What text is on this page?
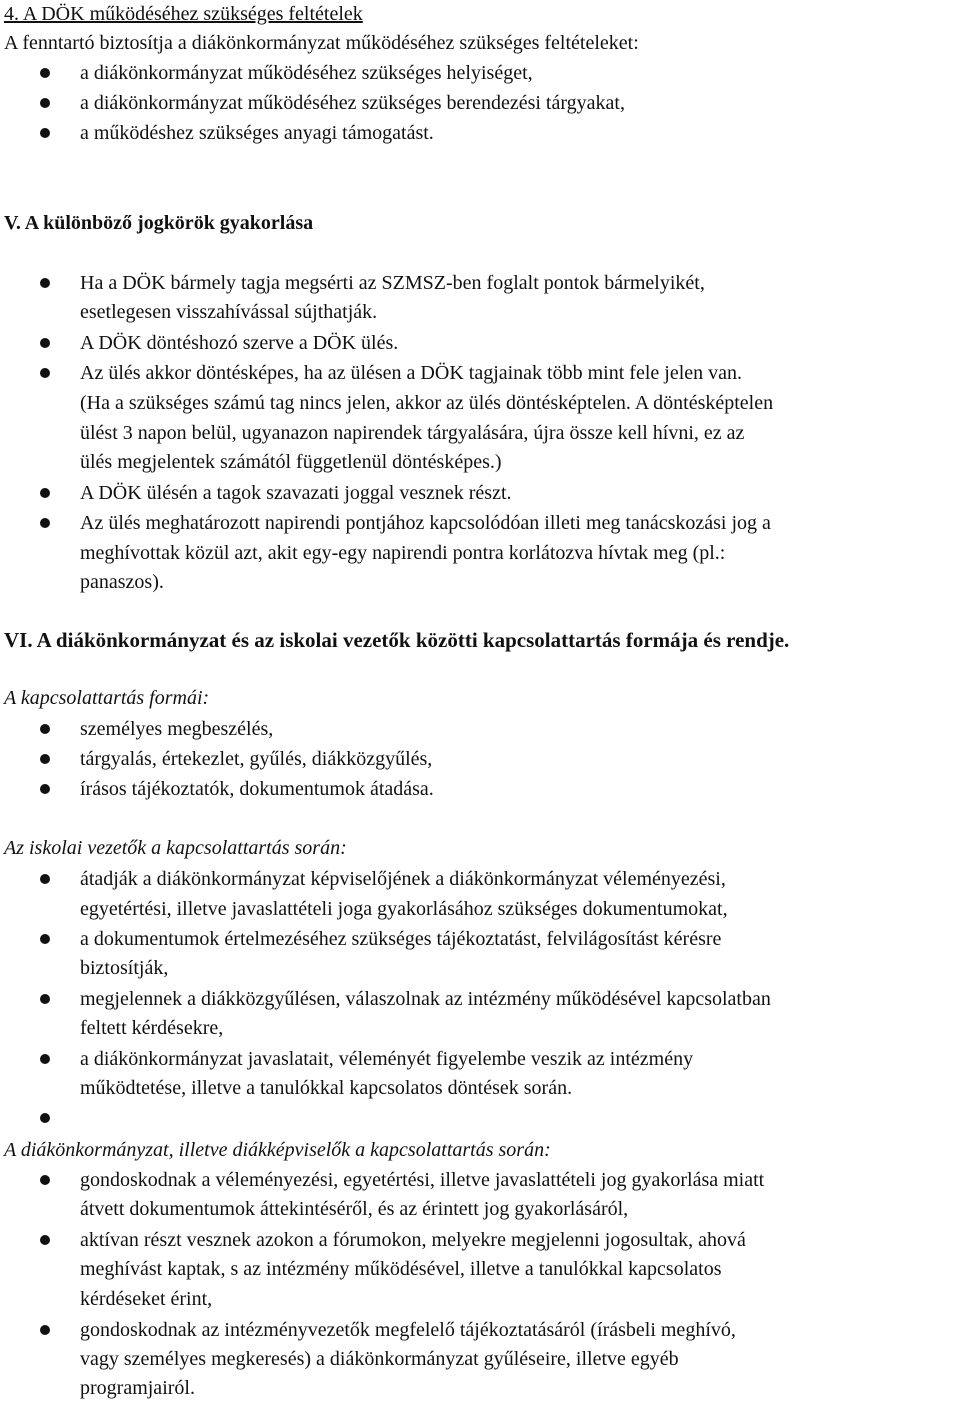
4. A DÖK működéséhez szükséges feltételek
A fenntartó biztosítja a diákönkormányzat működéséhez szükséges feltételeket:
a diákönkormányzat működéséhez szükséges helyiséget,
a diákönkormányzat működéséhez szükséges berendezési tárgyakat,
a működéshez szükséges anyagi támogatást.
V. A különböző jogkörök gyakorlása
Ha a DÖK bármely tagja megsérti az SZMSZ-ben foglalt pontok bármelyikét,
esetlegesen visszahívással sújthatják.
A DÖK döntéshozó szerve a DÖK ülés.
Az ülés akkor döntésképes, ha az ülésen a DÖK tagjainak több mint fele jelen van.
(Ha a szükséges számú tag nincs jelen, akkor az ülés döntésképtelen. A döntésképtelen
ülést 3 napon belül, ugyanazon napirendek tárgyalására, újra össze kell hívni, ez az
ülés megjelentek számától függetlenül döntésképes.)
A DÖK ülésén a tagok szavazati joggal vesznek részt.
Az ülés meghatározott napirendi pontjához kapcsolódóan illeti meg tanácskozási jog a
meghívottak közül azt, akit egy-egy napirendi pontra korlátozva hívtak meg (pl.:
panaszos).
VI. A diákönkormányzat és az iskolai vezetők közötti kapcsolattartás formája és rendje.
A kapcsolattartás formái:
személyes megbeszélés,
tárgyalás, értekezlet, gyűlés, diákközgyűlés,
írásos tájékoztatók, dokumentumok átadása.
Az iskolai vezetők a kapcsolattartás során:
átadják a diákönkormányzat képviselőjének a diákönkormányzat véleményezési,
egyetértési, illetve javaslattételi joga gyakorlásához szükséges dokumentumokat,
a dokumentumok értelmezéséhez szükséges tájékoztatást, felvilágosítást kérésre
biztosítják,
megjelennek a diákközgyűlésen, válaszolnak az intézmény működésével kapcsolatban
feltett kérdésekre,
a diákönkormányzat javaslatait, véleményét figyelembe veszik az intézmény
működtetése, illetve a tanulókkal kapcsolatos döntések során.
A diákönkormányzat, illetve diákképviselők a kapcsolattartás során:
gondoskodnak a véleményezési, egyetértési, illetve javaslattételi jog gyakorlása miatt
átvett dokumentumok áttekintéséről, és az érintett jog gyakorlásáról,
aktívan részt vesznek azokon a fórumokon, melyekre megjelenni jogosultak, ahová
meghívást kaptak, s az intézmény működésével, illetve a tanulókkal kapcsolatos
kérdéseket érint,
gondoskodnak az intézményvezetők megfelelő tájékoztatásáról (írásbeli meghívó,
vagy személyes megkeresés) a diákönkormányzat gyűléseire, illetve egyéb
programjairól.
